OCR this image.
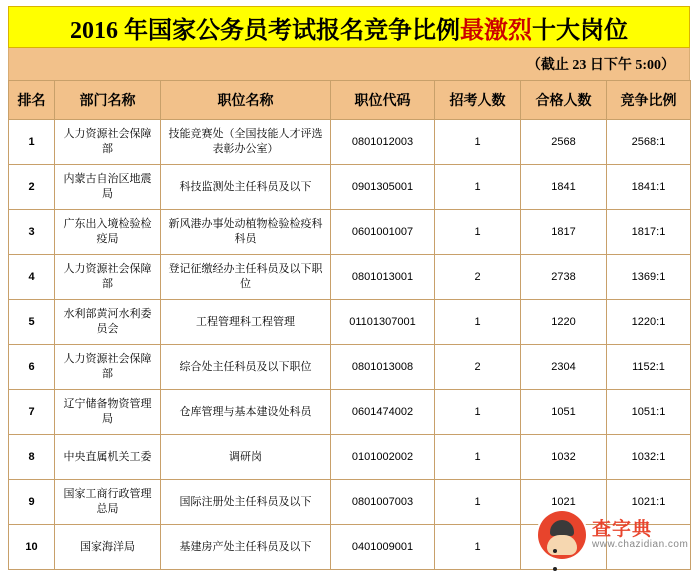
2016 年国家公务员考试报名竞争比例最激烈十大岗位
（截止 23 日下午 5:00）
排名	部门名称	职位名称	职位代码	招考人数	合格人数	竞争比例
1	人力资源社会保障部	技能竞赛处（全国技能人才评选表彰办公室）	0801012003	1	2568	2568:1
2	内蒙古自治区地震局	科技监测处主任科员及以下	0901305001	1	1841	1841:1
3	广东出入境检验检疫局	新风港办事处动植物检验检疫科科员	0601001007	1	1817	1817:1
4	人力资源社会保障部	登记征缴经办主任科员及以下职位	0801013001	2	2738	1369:1
5	水利部黄河水利委员会	工程管理科工程管理	01101307001	1	1220	1220:1
6	人力资源社会保障部	综合处主任科员及以下职位	0801013008	2	2304	1152:1
7	辽宁储备物资管理局	仓库管理与基本建设处科员	0601474002	1	1051	1051:1
8	中央直属机关工委	调研岗	0101002002	1	1032	1032:1
9	国家工商行政管理总局	国际注册处主任科员及以下	0801007003	1	1021	1021:1
10	国家海洋局	基建房产处主任科员及以下	0401009001	1		
查字典
www.chazidian.com
